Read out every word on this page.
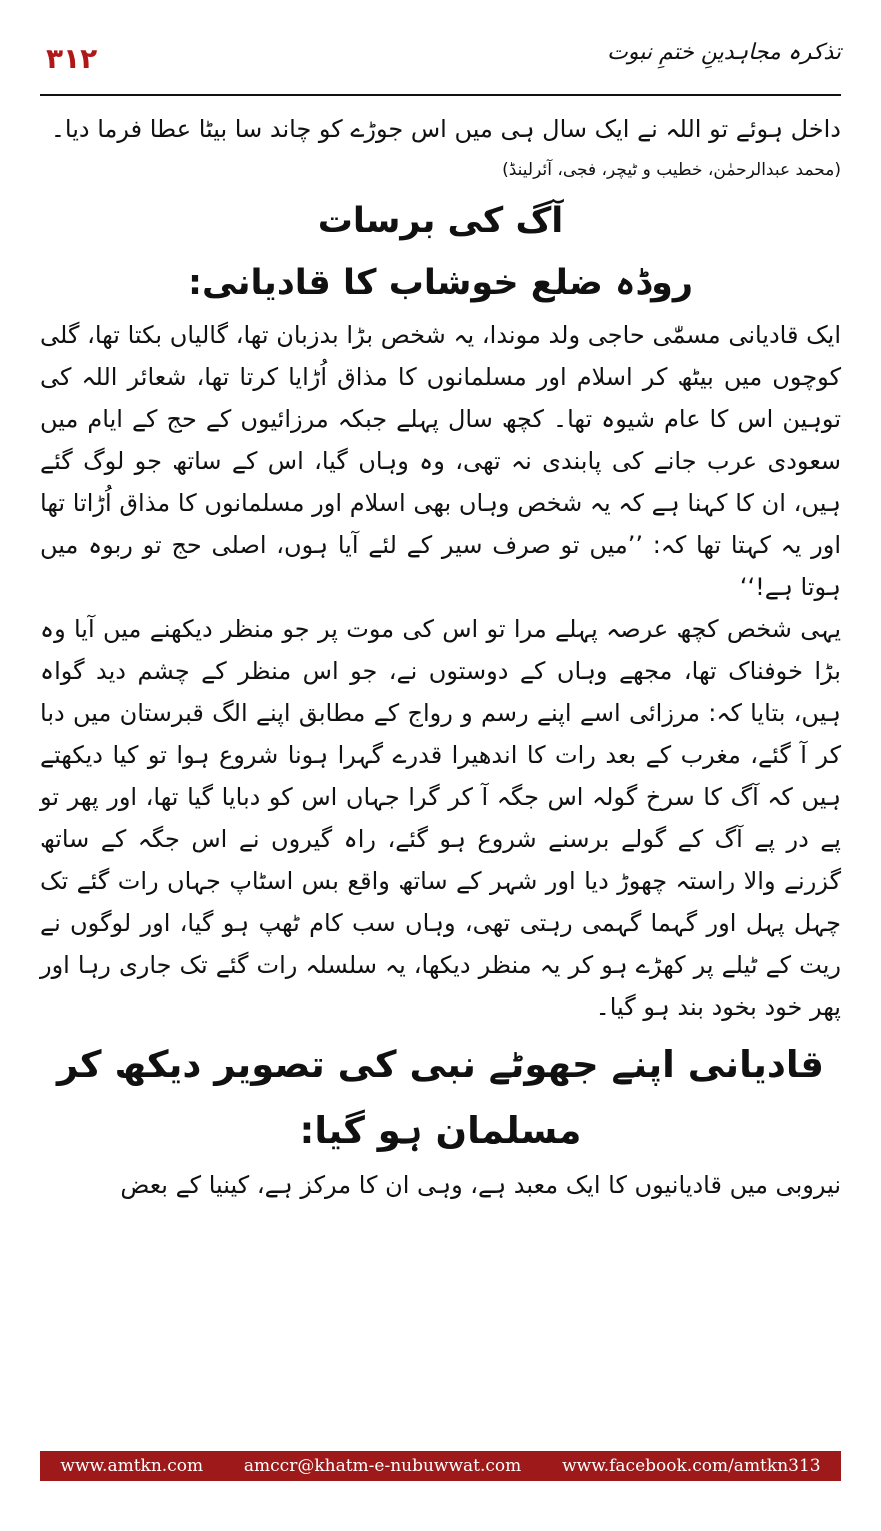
٣١٢	تذکرہ مجاہدینِ ختمِ نبوت

داخل ہوئے تو اللہ نے ایک سال ہی میں اس جوڑے کو چاند سا بیٹا عطا فرما دیا۔

(محمد عبدالرحمٰن، خطیب و ٹیچر، فجی، آئرلینڈ)

آگ کی برسات
روڈہ ضلع خوشاب کا قادیانی:

ایک قادیانی مسمّٰی حاجی ولد موندا، یہ شخص بڑا بدزبان تھا، گالیاں بکتا تھا، گلی کوچوں میں بیٹھ کر اسلام اور مسلمانوں کا مذاق اُڑایا کرتا تھا، شعائر اللہ کی توہین اس کا عام شیوہ تھا۔ کچھ سال پہلے جبکہ مرزائیوں کے حج کے ایام میں سعودی عرب جانے کی پابندی نہ تھی، وہ وہاں گیا، اس کے ساتھ جو لوگ گئے ہیں، ان کا کہنا ہے کہ یہ شخص وہاں بھی اسلام اور مسلمانوں کا مذاق اُڑاتا تھا اور یہ کہتا تھا کہ: ’’میں تو صرف سیر کے لئے آیا ہوں، اصلی حج تو ربوہ میں ہوتا ہے!‘‘

یہی شخص کچھ عرصہ پہلے مرا تو اس کی موت پر جو منظر دیکھنے میں آیا وہ بڑا خوفناک تھا، مجھے وہاں کے دوستوں نے، جو اس منظر کے چشم دید گواہ ہیں، بتایا کہ: مرزائی اسے اپنے رسم و رواج کے مطابق اپنے الگ قبرستان میں دبا کر آ گئے، مغرب کے بعد رات کا اندھیرا قدرے گہرا ہونا شروع ہوا تو کیا دیکھتے ہیں کہ آگ کا سرخ گولہ اس جگہ آ کر گرا جہاں اس کو دبایا گیا تھا، اور پھر تو پے در پے آگ کے گولے برسنے شروع ہو گئے، راہ گیروں نے اس جگہ کے ساتھ گزرنے والا راستہ چھوڑ دیا اور شہر کے ساتھ واقع بس اسٹاپ جہاں رات گئے تک چہل پہل اور گہما گہمی رہتی تھی، وہاں سب کام ٹھپ ہو گیا، اور لوگوں نے ریت کے ٹیلے پر کھڑے ہو کر یہ منظر دیکھا، یہ سلسلہ رات گئے تک جاری رہا اور پھر خود بخود بند ہو گیا۔

قادیانی اپنے جھوٹے نبی کی تصویر دیکھ کر مسلمان ہو گیا:

نیروبی میں قادیانیوں کا ایک معبد ہے، وہی ان کا مرکز ہے، کینیا کے بعض

www.amtkn.com amccr@khatm-e-nubuwwat.com www.facebook.com/amtkn313
